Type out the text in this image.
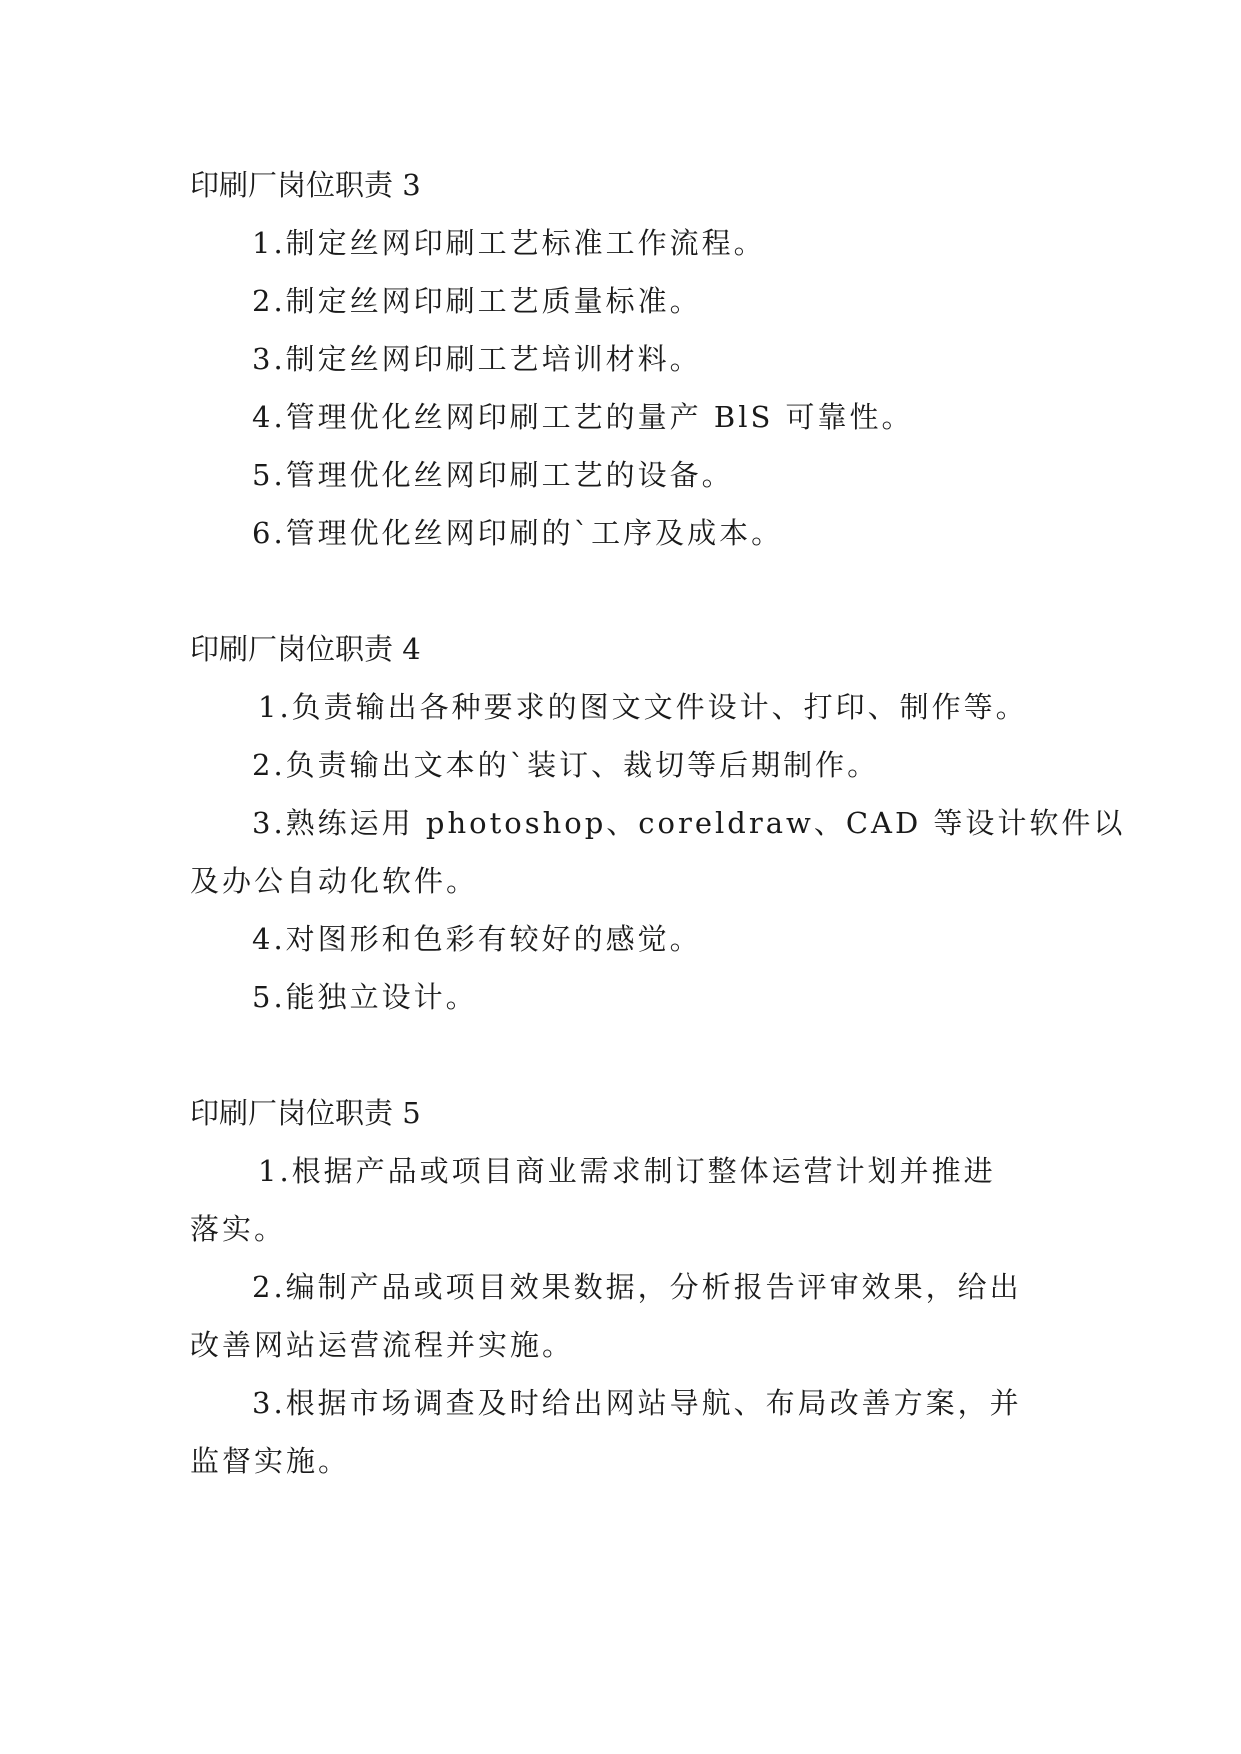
印刷厂岗位职责 3
1.制定丝网印刷工艺标准工作流程。
2.制定丝网印刷工艺质量标准。
3.制定丝网印刷工艺培训材料。
4.管理优化丝网印刷工艺的量产 BlS 可靠性。
5.管理优化丝网印刷工艺的设备。
6.管理优化丝网印刷的`工序及成本。
印刷厂岗位职责 4
1.负责输出各种要求的图文文件设计、打印、制作等。
2.负责输出文本的`装订、裁切等后期制作。
3.熟练运用 photoshop、coreldraw、CAD 等设计软件以
及办公自动化软件。
4.对图形和色彩有较好的感觉。
5.能独立设计。
印刷厂岗位职责 5
1.根据产品或项目商业需求制订整体运营计划并推进
落实。
2.编制产品或项目效果数据，分析报告评审效果，给出
改善网站运营流程并实施。
3.根据市场调查及时给出网站导航、布局改善方案，并
监督实施。
